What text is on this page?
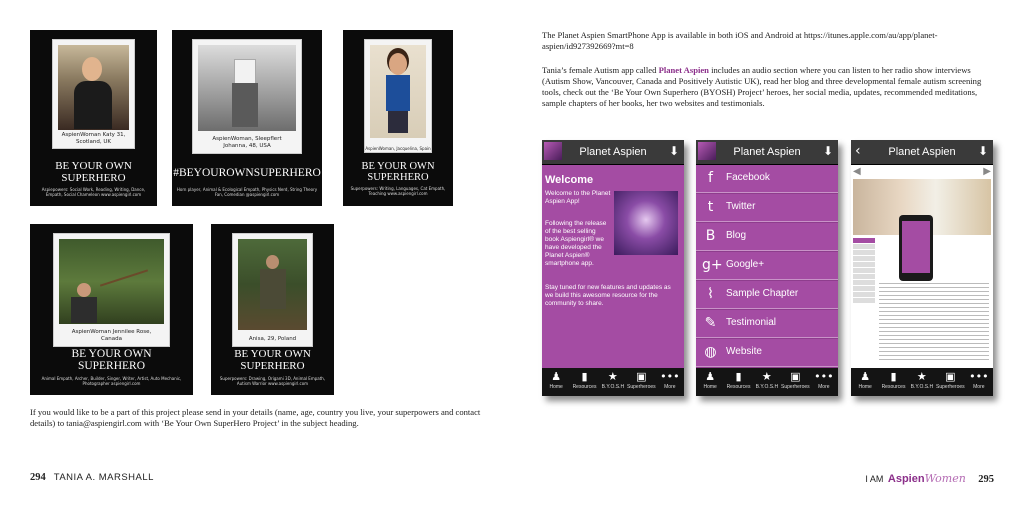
AspienWoman Katy 31, Scotland, UK
BE YOUR OWN
SUPERHERO
Aspiepowers: Social Work, Reading, Writing, Dance, Empath, Social Chameleon www.aspiengirl.com
AspienWoman, Sleepflert Johanna, 48, USA
#BEYOUROWNSUPERHERO
Horn player, Animal & Ecological Empath, Physics Nerd, String Theory Fan, Comedian @aspiengirl.com
AspienWoman, Jacquelina, Spain
BE YOUR OWN
SUPERHERO
Superpowers: Writing, Languages, Cat Empath, Teaching www.aspiengirl.com
AspienWoman Jennilee Rose, Canada
BE YOUR OWN
SUPERHERO
Animal Empath, Archer, Builder, Singer, Writer, Artist, Auto Mechanic, Photographer aspiengirl.com
Anisa, 29, Poland
BE YOUR OWN
SUPERHERO
Superpowers: Drawing, Origami 3D, Animal Empath, Autism Warrior www.aspiengirl.com
If you would like to be a part of this project please send in your details (name, age, country you live, your superpowers and contact details) to tania@aspiengirl.com with ‘Be Your Own SuperHero Project’ in the subject heading.
294 TANIA A. MARSHALL
The Planet Aspien SmartPhone App is available in both iOS and Android at https://itunes.apple.com/au/app/planet-aspien/id927392669?mt=8
Tania’s female Autism app called Planet Aspien includes an audio section where you can listen to her radio show interviews (Autism Show, Vancouver, Canada and Positively Autistic UK), read her blog and three developmental female autism screening tools, check out the ‘Be Your Own Superhero (BYOSH) Project’ heroes, her social media, updates, recommended meditations, sample chapters of her books, her two websites and testimonials.
Planet Aspien	⬇
Welcome
Welcome to the Planet Aspien App!
Following the release of the best selling book Aspiengirl® we have developed the Planet Aspien® smartphone app.
Stay tuned for new features and updates as we build this awesome resource for the community to share.
♟
Home
▮
Resources
★
B.Y.O.S.H
▣
Superheroes
•••
More
Planet Aspien	⬇
f	Facebook
t	Twitter
B	Blog
g+ Google+
⌇	Sample Chapter
✎ Testimonial
◍ Website
♟
Home
▮
Resources
★
B.Y.O.S.H
▣
Superheroes
•••
More
‹	Planet Aspien	⬇
◀	▶
♟
Home
▮
Resources
★
B.Y.O.S.H
▣
Superheroes
•••
More
I AM AspienWomen 295
